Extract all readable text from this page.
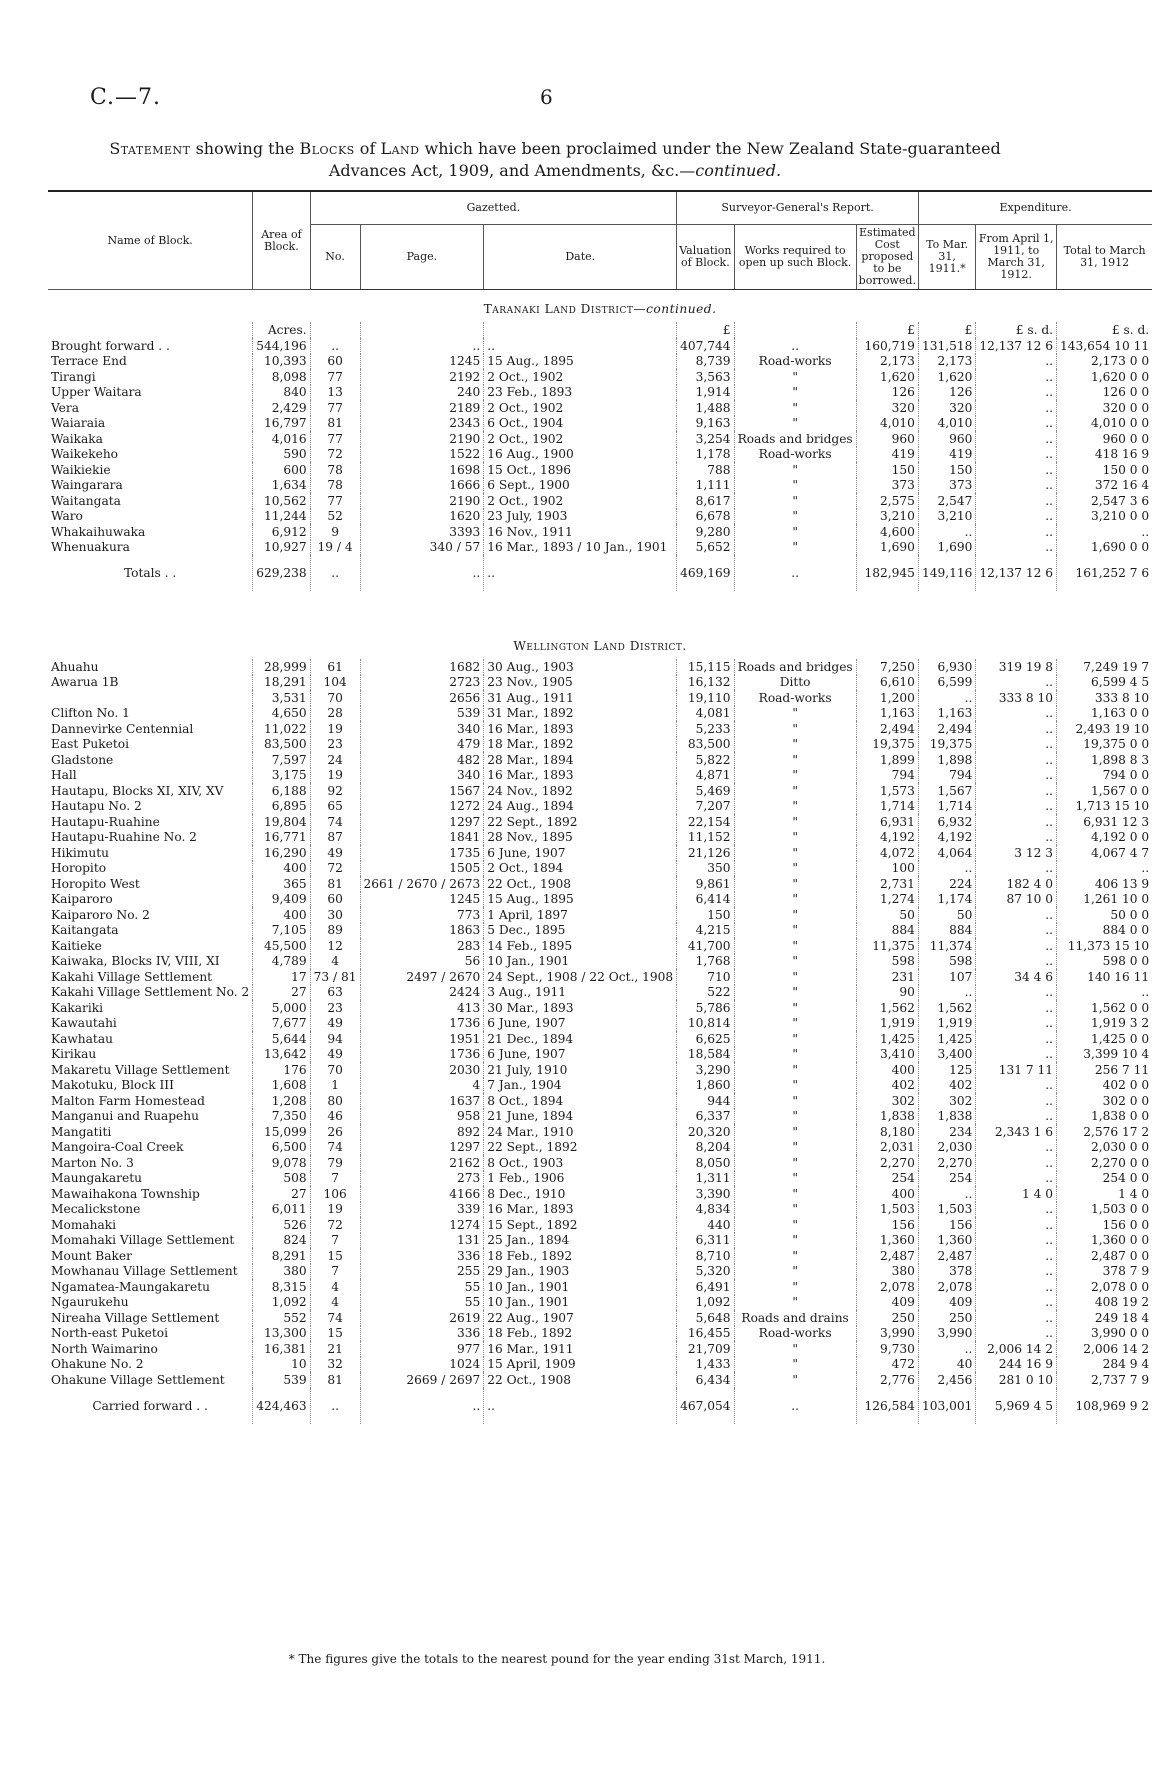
C.—7.	6
Statement showing the Blocks of Land which have been proclaimed under the New Zealand State-guaranteed
Advances Act, 1909, and Amendments, &c.—continued.
Name of Block.	Area of Block.	Gazetted.			Surveyor-General's Report.			Expenditure.		
		No.	Page.	Date.	Valuation of Block.	Works required to open up such Block.	Estimated Cost proposed to be borrowed.	To Mar. 31, 1911.*	From April 1, 1911, to March 31, 1912.	Total to March 31, 1912
Taranaki Land District—continued.										
	Acres.				£		£	£	£ s. d.	£ s. d.
Brought forward . .	544,196	..	..	..	407,744	..	160,719	131,518	12,137 12 6	143,654 10 11
Terrace End	10,393	60	1245	15 Aug., 1895	8,739	Road-works	2,173	2,173	..	2,173 0 0
Tirangi	8,098	77	2192	2 Oct., 1902	3,563	"	1,620	1,620	..	1,620 0 0
Upper Waitara	840	13	240	23 Feb., 1893	1,914	"	126	126	..	126 0 0
Vera	2,429	77	2189	2 Oct., 1902	1,488	"	320	320	..	320 0 0
Waiaraia	16,797	81	2343	6 Oct., 1904	9,163	"	4,010	4,010	..	4,010 0 0
Waikaka	4,016	77	2190	2 Oct., 1902	3,254	Roads and bridges	960	960	..	960 0 0
Waikekeho	590	72	1522	16 Aug., 1900	1,178	Road-works	419	419	..	418 16 9
Waikiekie	600	78	1698	15 Oct., 1896	788	"	150	150	..	150 0 0
Waingarara	1,634	78	1666	6 Sept., 1900	1,111	"	373	373	..	372 16 4
Waitangata	10,562	77	2190	2 Oct., 1902	8,617	"	2,575	2,547	..	2,547 3 6
Waro	11,244	52	1620	23 July, 1903	6,678	"	3,210	3,210	..	3,210 0 0
Whakaihuwaka	6,912	9	3393	16 Nov., 1911	9,280	"	4,600	..	..	..
Whenuakura	10,927	19 / 4	340 / 57	16 Mar., 1893 / 10 Jan., 1901	5,652	"	1,690	1,690	..	1,690 0 0
Totals . .	629,238	..	..	..	469,169	..	182,945	149,116	12,137 12 6	161,252 7 6

Wellington Land District.										
Ahuahu	28,999	61	1682	30 Aug., 1903	15,115	Roads and bridges	7,250	6,930	319 19 8	7,249 19 7
Awarua 1B	18,291	104	2723	23 Nov., 1905	16,132	Ditto	6,610	6,599	..	6,599 4 5
	3,531	70	2656	31 Aug., 1911	19,110	Road-works	1,200	..	333 8 10	333 8 10
Clifton No. 1	4,650	28	539	31 Mar., 1892	4,081	"	1,163	1,163	..	1,163 0 0
Dannevirke Centennial	11,022	19	340	16 Mar., 1893	5,233	"	2,494	2,494	..	2,493 19 10
East Puketoi	83,500	23	479	18 Mar., 1892	83,500	"	19,375	19,375	..	19,375 0 0
Gladstone	7,597	24	482	28 Mar., 1894	5,822	"	1,899	1,898	..	1,898 8 3
Hall	3,175	19	340	16 Mar., 1893	4,871	"	794	794	..	794 0 0
Hautapu, Blocks XI, XIV, XV	6,188	92	1567	24 Nov., 1892	5,469	"	1,573	1,567	..	1,567 0 0
Hautapu No. 2	6,895	65	1272	24 Aug., 1894	7,207	"	1,714	1,714	..	1,713 15 10
Hautapu-Ruahine	19,804	74	1297	22 Sept., 1892	22,154	"	6,931	6,932	..	6,931 12 3
Hautapu-Ruahine No. 2	16,771	87	1841	28 Nov., 1895	11,152	"	4,192	4,192	..	4,192 0 0
Hikimutu	16,290	49	1735	6 June, 1907	21,126	"	4,072	4,064	3 12 3	4,067 4 7
Horopito	400	72	1505	2 Oct., 1894	350	"	100	..	..	..
Horopito West	365	81	2661 / 2670 / 2673	22 Oct., 1908	9,861	"	2,731	224	182 4 0	406 13 9
Kaiparoro	9,409	60	1245	15 Aug., 1895	6,414	"	1,274	1,174	87 10 0	1,261 10 0
Kaiparoro No. 2	400	30	773	1 April, 1897	150	"	50	50	..	50 0 0
Kaitangata	7,105	89	1863	5 Dec., 1895	4,215	"	884	884	..	884 0 0
Kaitieke	45,500	12	283	14 Feb., 1895	41,700	"	11,375	11,374	..	11,373 15 10
Kaiwaka, Blocks IV, VIII, XI	4,789	4	56	10 Jan., 1901	1,768	"	598	598	..	598 0 0
Kakahi Village Settlement	17	73 / 81	2497 / 2670	24 Sept., 1908 / 22 Oct., 1908	710	"	231	107	34 4 6	140 16 11
Kakahi Village Settlement No. 2	27	63	2424	3 Aug., 1911	522	"	90	..	..	..
Kakariki	5,000	23	413	30 Mar., 1893	5,786	"	1,562	1,562	..	1,562 0 0
Kawautahi	7,677	49	1736	6 June, 1907	10,814	"	1,919	1,919	..	1,919 3 2
Kawhatau	5,644	94	1951	21 Dec., 1894	6,625	"	1,425	1,425	..	1,425 0 0
Kirikau	13,642	49	1736	6 June, 1907	18,584	"	3,410	3,400	..	3,399 10 4
Makaretu Village Settlement	176	70	2030	21 July, 1910	3,290	"	400	125	131 7 11	256 7 11
Makotuku, Block III	1,608	1	4	7 Jan., 1904	1,860	"	402	402	..	402 0 0
Malton Farm Homestead	1,208	80	1637	8 Oct., 1894	944	"	302	302	..	302 0 0
Manganui and Ruapehu	7,350	46	958	21 June, 1894	6,337	"	1,838	1,838	..	1,838 0 0
Mangatiti	15,099	26	892	24 Mar., 1910	20,320	"	8,180	234	2,343 1 6	2,576 17 2
Mangoira-Coal Creek	6,500	74	1297	22 Sept., 1892	8,204	"	2,031	2,030	..	2,030 0 0
Marton No. 3	9,078	79	2162	8 Oct., 1903	8,050	"	2,270	2,270	..	2,270 0 0
Maungakaretu	508	7	273	1 Feb., 1906	1,311	"	254	254	..	254 0 0
Mawaihakona Township	27	106	4166	8 Dec., 1910	3,390	"	400	..	1 4 0	1 4 0
Mecalickstone	6,011	19	339	16 Mar., 1893	4,834	"	1,503	1,503	..	1,503 0 0
Momahaki	526	72	1274	15 Sept., 1892	440	"	156	156	..	156 0 0
Momahaki Village Settlement	824	7	131	25 Jan., 1894	6,311	"	1,360	1,360	..	1,360 0 0
Mount Baker	8,291	15	336	18 Feb., 1892	8,710	"	2,487	2,487	..	2,487 0 0
Mowhanau Village Settlement	380	7	255	29 Jan., 1903	5,320	"	380	378	..	378 7 9
Ngamatea-Maungakaretu	8,315	4	55	10 Jan., 1901	6,491	"	2,078	2,078	..	2,078 0 0
Ngaurukehu	1,092	4	55	10 Jan., 1901	1,092	"	409	409	..	408 19 2
Nireaha Village Settlement	552	74	2619	22 Aug., 1907	5,648	Roads and drains	250	250	..	249 18 4
North-east Puketoi	13,300	15	336	18 Feb., 1892	16,455	Road-works	3,990	3,990	..	3,990 0 0
North Waimarino	16,381	21	977	16 Mar., 1911	21,709	"	9,730	..	2,006 14 2	2,006 14 2
Ohakune No. 2	10	32	1024	15 April, 1909	1,433	"	472	40	244 16 9	284 9 4
Ohakune Village Settlement	539	81	2669 / 2697	22 Oct., 1908	6,434	"	2,776	2,456	281 0 10	2,737 7 9
Carried forward . .	424,463	..	..	..	467,054	..	126,584	103,001	5,969 4 5	108,969 9 2
* The figures give the totals to the nearest pound for the year ending 31st March, 1911.
